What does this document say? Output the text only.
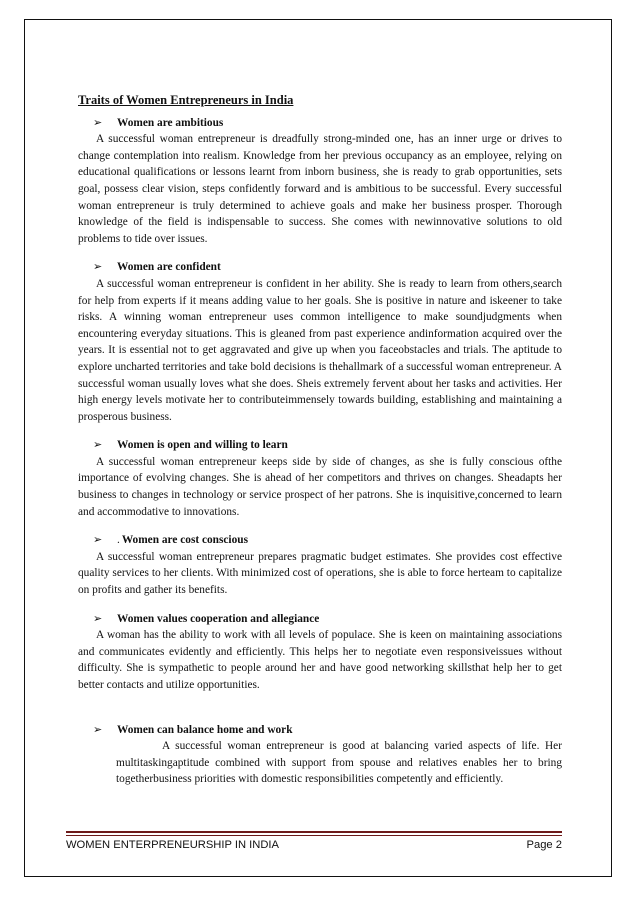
Traits of Women Entrepreneurs in India
➢	Women are ambitious

A successful woman entrepreneur is dreadfully strong-minded one, has an inner urge or drives to change contemplation into realism. Knowledge from her previous occupancy as an employee, relying on educational qualifications or lessons learnt from inborn business, she is ready to grab opportunities, sets goal, possess clear vision, steps confidently forward and is ambitious to be successful. Every successful woman entrepreneur is truly determined to achieve goals and make her business prosper. Thorough knowledge of the field is indispensable to success. She comes with newinnovative solutions to old problems to tide over issues.

➢	Women are confident

A successful woman entrepreneur is confident in her ability. She is ready to learn from others,search for help from experts if it means adding value to her goals. She is positive in nature and iskeener to take risks. A winning woman entrepreneur uses common intelligence to make soundjudgments when encountering everyday situations. This is gleaned from past experience andinformation acquired over the years. It is essential not to get aggravated and give up when you faceobstacles and trials. The aptitude to explore uncharted territories and take bold decisions is thehallmark of a successful woman entrepreneur. A successful woman usually loves what she does. Sheis extremely fervent about her tasks and activities. Her high energy levels motivate her to contributeimmensely towards building, establishing and maintaining a prosperous business.

➢	Women is open and willing to learn

A successful woman entrepreneur keeps side by side of changes, as she is fully conscious ofthe importance of evolving changes. She is ahead of her competitors and thrives on changes. Sheadapts her business to changes in technology or service prospect of her patrons. She is inquisitive,concerned to learn and accommodative to innovations.

➢	. Women are cost conscious

A successful woman entrepreneur prepares pragmatic budget estimates. She provides cost effective quality services to her clients. With minimized cost of operations, she is able to force herteam to capitalize on profits and gather its benefits.

➢	Women values cooperation and allegiance

A woman has the ability to work with all levels of populace. She is keen on maintaining associations and communicates evidently and efficiently. This helps her to negotiate even responsiveissues without difficulty. She is sympathetic to people around her and have good networking skillsthat help her to get better contacts and utilize opportunities.

➢	Women can balance home and work

A successful woman entrepreneur is good at balancing varied aspects of life. Her multitaskingaptitude combined with support from spouse and relatives enables her to bring togetherbusiness priorities with domestic responsibilities competently and efficiently.

WOMEN ENTERPRENEURSHIP IN INDIA	Page 2
